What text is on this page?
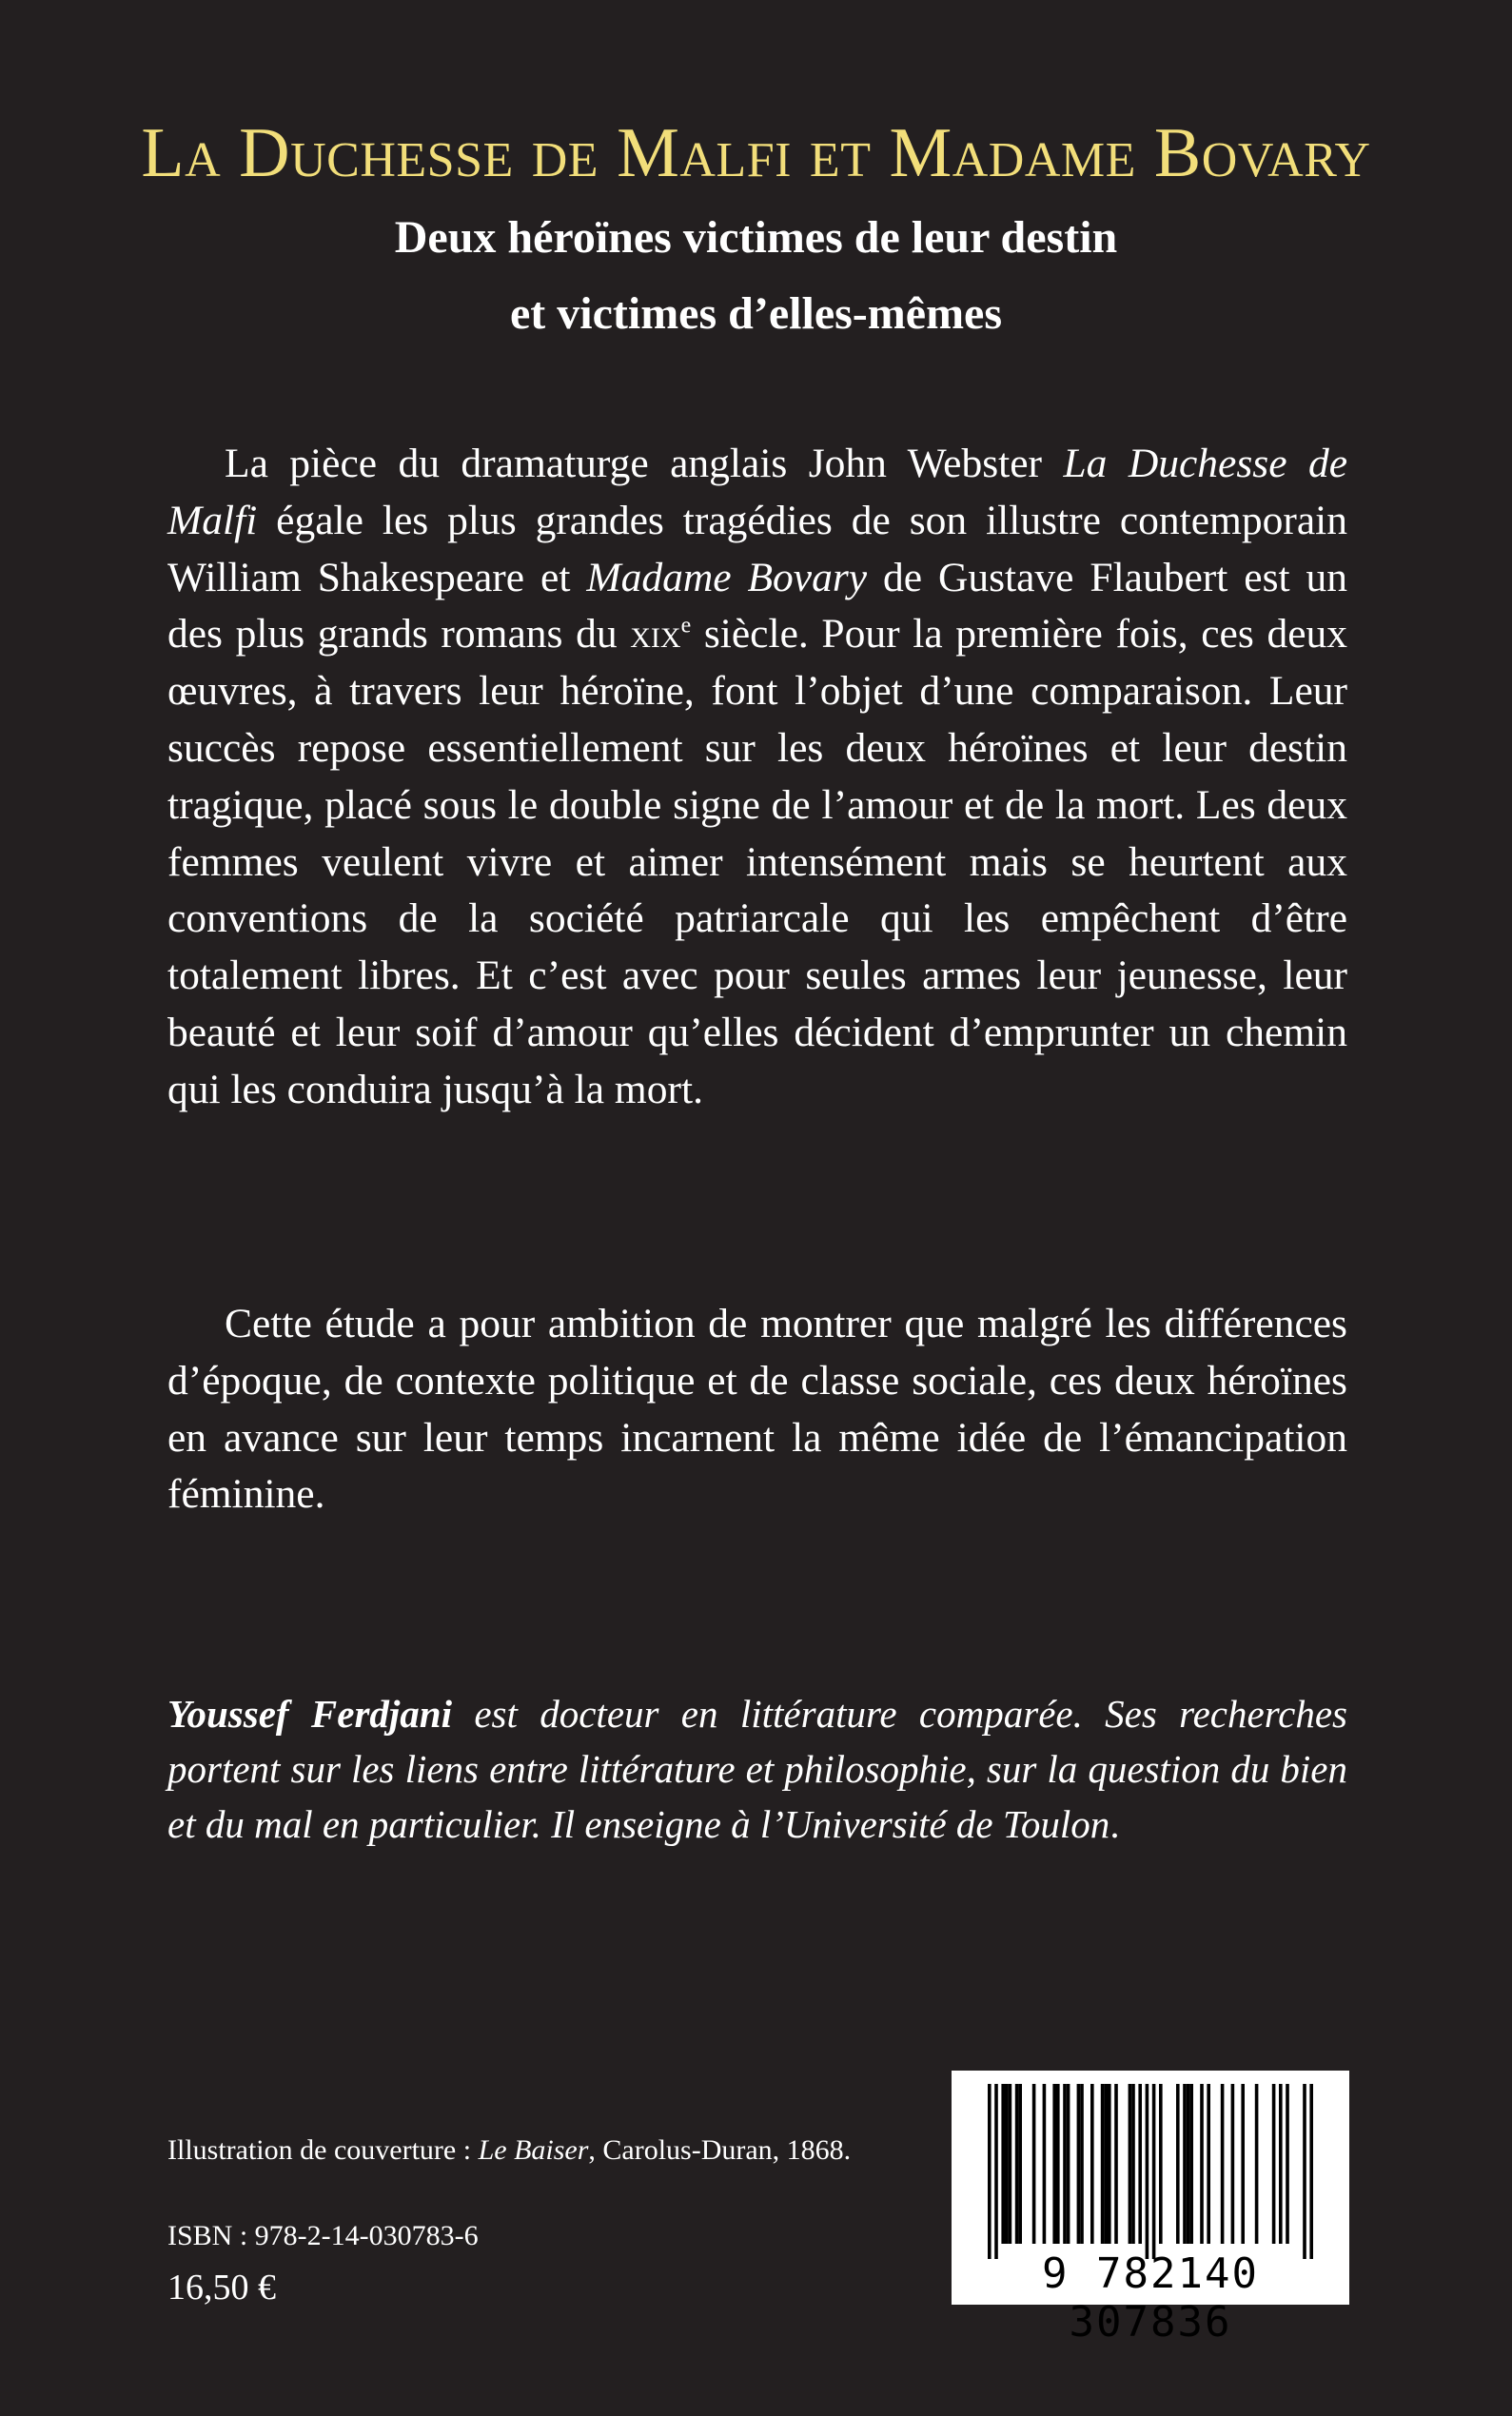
La Duchesse de Malfi et Madame Bovary
Deux héroïnes victimes de leur destin
et victimes d’elles-mêmes

La pièce du dramaturge anglais John Webster La Duchesse de Malfi égale les plus grandes tragédies de son illustre contemporain William Shakespeare et Madame Bovary de Gustave Flaubert est un des plus grands romans du xix$^e$ siècle. Pour la première fois, ces deux œuvres, à travers leur héroïne, font l’objet d’une comparaison. Leur succès repose essentiellement sur les deux héroïnes et leur destin tragique, placé sous le double signe de l’amour et de la mort. Les deux femmes veulent vivre et aimer intensément mais se heurtent aux conventions de la société patriarcale qui les empêchent d’être totalement libres. Et c’est avec pour seules armes leur jeunesse, leur beauté et leur soif d’amour qu’elles décident d’emprunter un chemin qui les conduira jusqu’à la mort.

Cette étude a pour ambition de montrer que malgré les différences d’époque, de contexte politique et de classe sociale, ces deux héroïnes en avance sur leur temps incarnent la même idée de l’émancipation féminine.

Youssef Ferdjani est docteur en littérature comparée. Ses recherches portent sur les liens entre littérature et philosophie, sur la question du bien et du mal en particulier. Il enseigne à l’Université de Toulon.
Illustration de couverture : Le Baiser, Carolus-Duran, 1868.
ISBN : 978-2-14-030783-6
16,50 €	9 782140 307836
